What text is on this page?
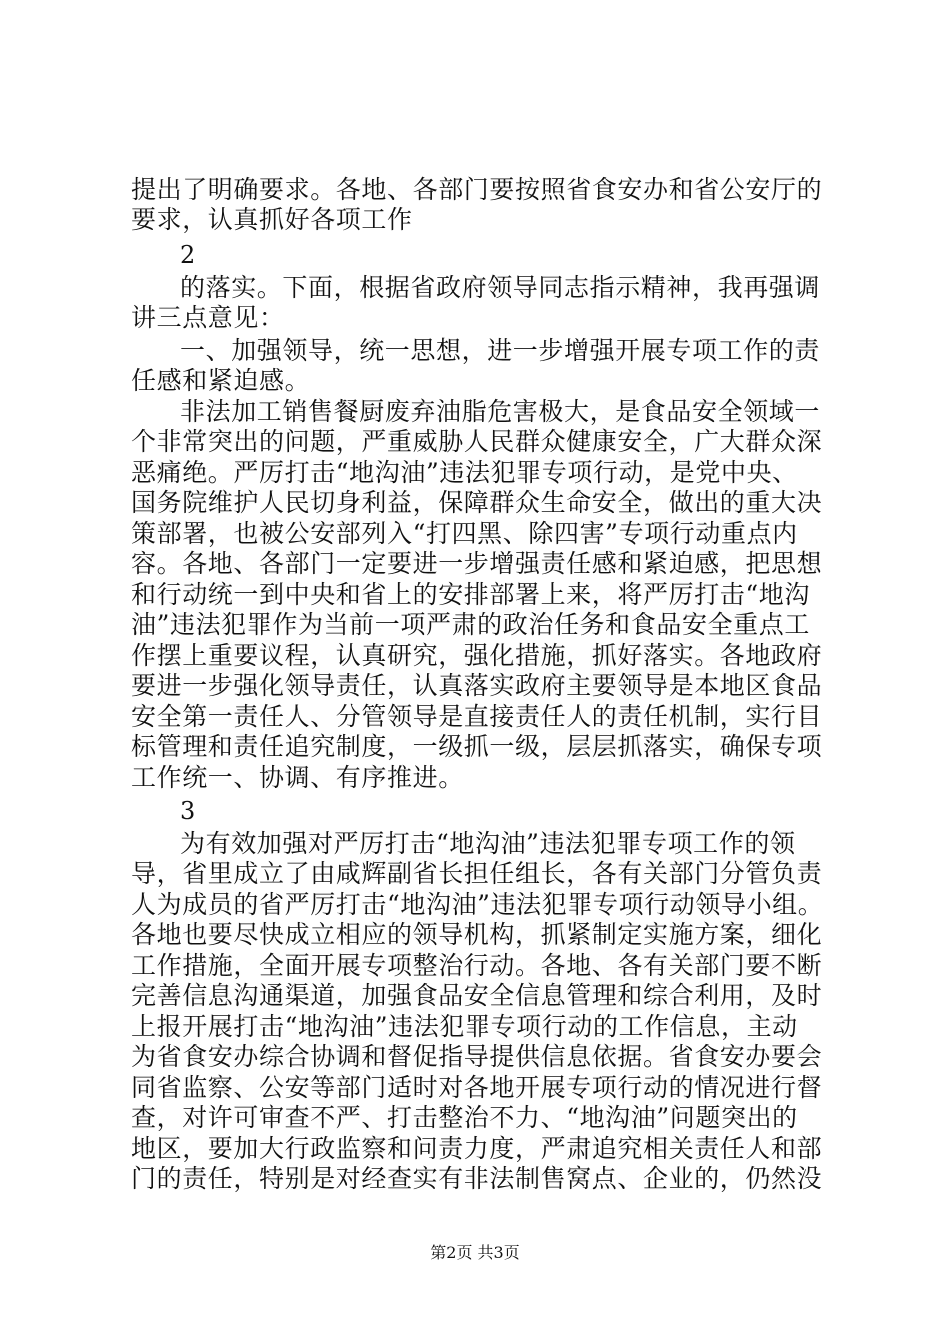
提出了明确要求。各地、各部门要按照省食安办和省公安厅的
要求，认真抓好各项工作
2
的落实。下面，根据省政府领导同志指示精神，我再强调
讲三点意见：
一、加强领导，统一思想，进一步增强开展专项工作的责
任感和紧迫感。
非法加工销售餐厨废弃油脂危害极大，是食品安全领域一
个非常突出的问题，严重威胁人民群众健康安全，广大群众深
恶痛绝。严厉打击“地沟油”违法犯罪专项行动，是党中央、
国务院维护人民切身利益，保障群众生命安全，做出的重大决
策部署，也被公安部列入“打四黑、除四害”专项行动重点内
容。各地、各部门一定要进一步增强责任感和紧迫感，把思想
和行动统一到中央和省上的安排部署上来，将严厉打击“地沟
油”违法犯罪作为当前一项严肃的政治任务和食品安全重点工
作摆上重要议程，认真研究，强化措施，抓好落实。各地政府
要进一步强化领导责任，认真落实政府主要领导是本地区食品
安全第一责任人、分管领导是直接责任人的责任机制，实行目
标管理和责任追究制度，一级抓一级，层层抓落实，确保专项
工作统一、协调、有序推进。
3
为有效加强对严厉打击“地沟油”违法犯罪专项工作的领
导，省里成立了由咸辉副省长担任组长，各有关部门分管负责
人为成员的省严厉打击“地沟油”违法犯罪专项行动领导小组。
各地也要尽快成立相应的领导机构，抓紧制定实施方案，细化
工作措施，全面开展专项整治行动。各地、各有关部门要不断
完善信息沟通渠道，加强食品安全信息管理和综合利用，及时
上报开展打击“地沟油”违法犯罪专项行动的工作信息，主动
为省食安办综合协调和督促指导提供信息依据。省食安办要会
同省监察、公安等部门适时对各地开展专项行动的情况进行督
查，对许可审查不严、打击整治不力、“地沟油”问题突出的
地区，要加大行政监察和问责力度，严肃追究相关责任人和部
门的责任，特别是对经查实有非法制售窝点、企业的，仍然没
第2页 共3页
